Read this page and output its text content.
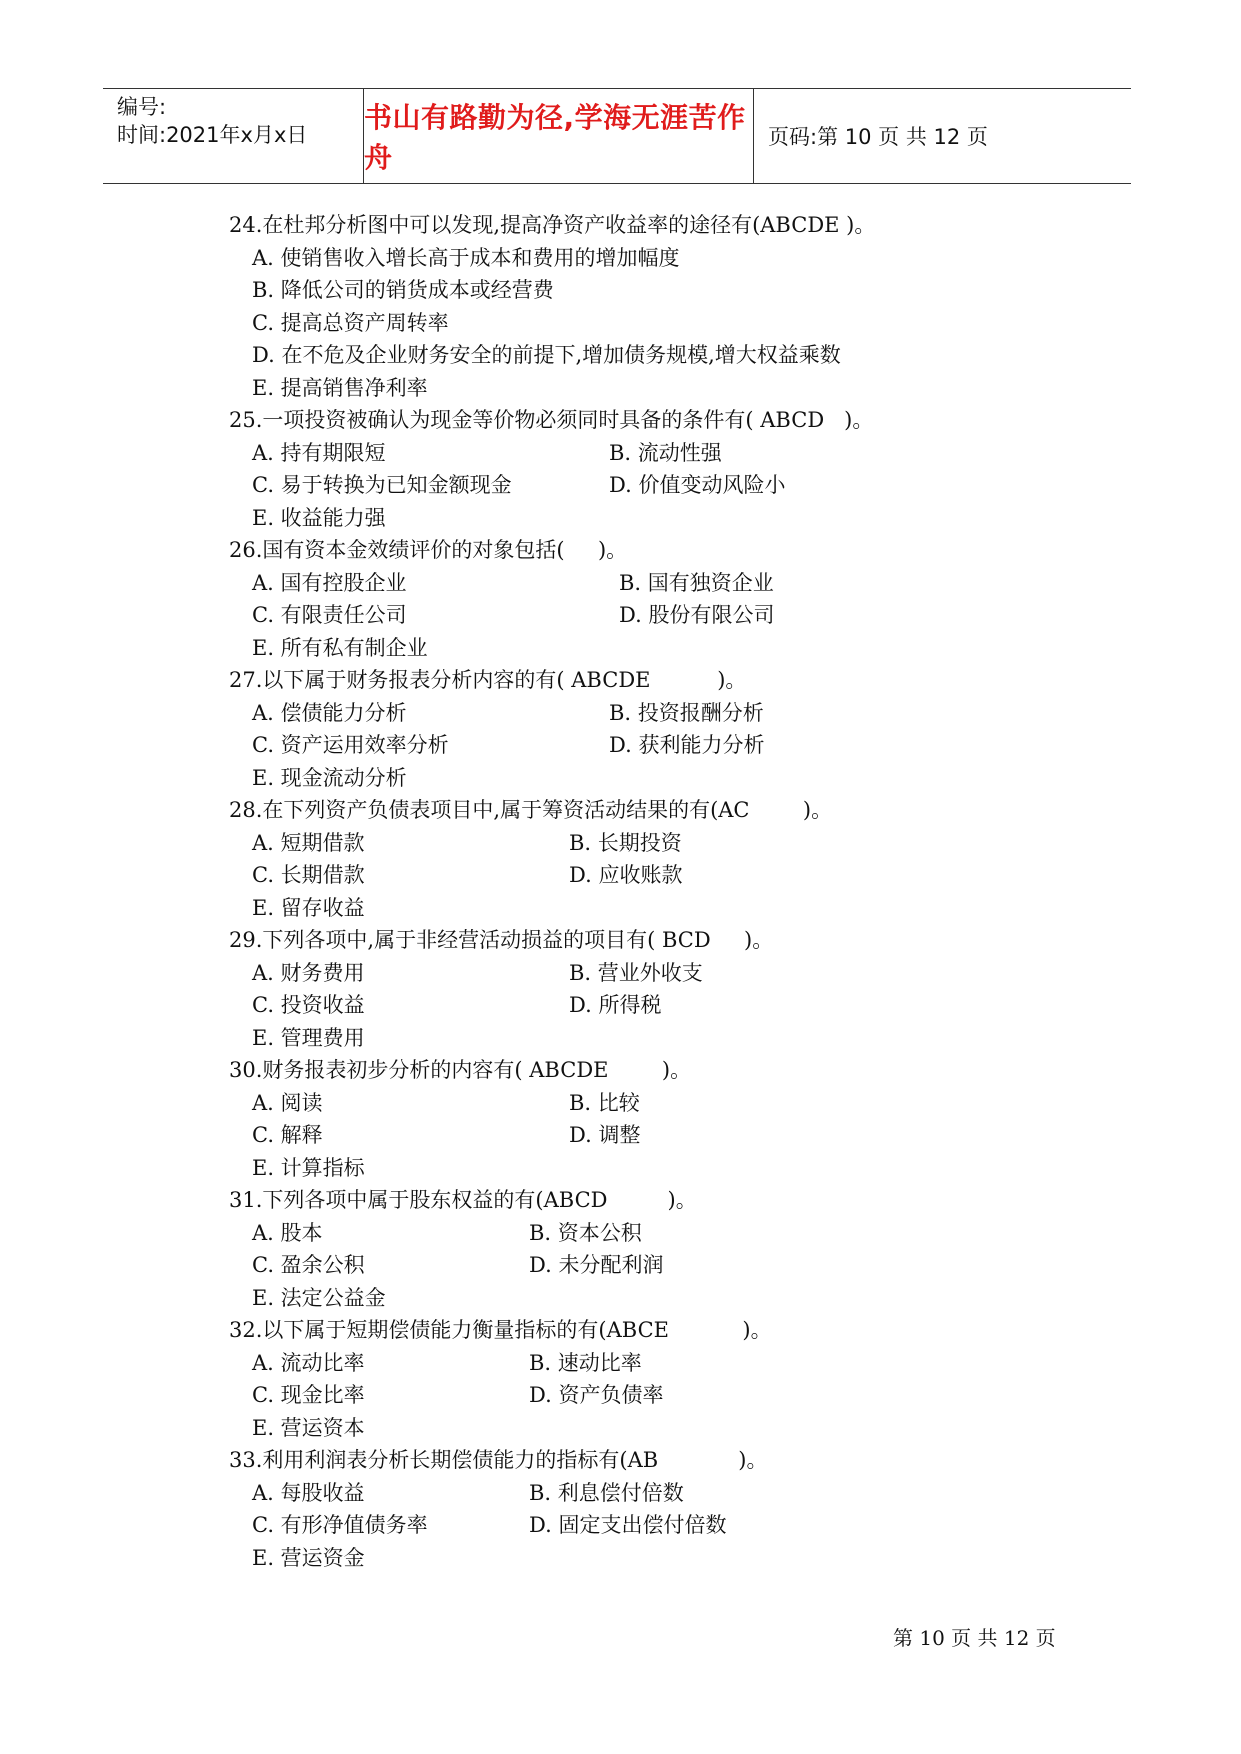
编号:
时间:2021年x月x日
书山有路勤为径,学海无涯苦作舟
页码:第 10 页 共 12 页
24.在杜邦分析图中可以发现,提高净资产收益率的途径有(ABCDE )。
A. 使销售收入增长高于成本和费用的增加幅度
B. 降低公司的销货成本或经营费
C. 提高总资产周转率
D. 在不危及企业财务安全的前提下,增加债务规模,增大权益乘数
E. 提高销售净利率
25.一项投资被确认为现金等价物必须同时具备的条件有( ABCD   )。
A. 持有期限短	B. 流动性强
C. 易于转换为已知金额现金	D. 价值变动风险小
E. 收益能力强
26.国有资本金效绩评价的对象包括(     )。
A. 国有控股企业	B. 国有独资企业
C. 有限责任公司	D. 股份有限公司
E. 所有私有制企业
27.以下属于财务报表分析内容的有( ABCDE          )。
A. 偿债能力分析	B. 投资报酬分析
C. 资产运用效率分析	D. 获利能力分析
E. 现金流动分析
28.在下列资产负债表项目中,属于筹资活动结果的有(AC        )。
A. 短期借款	B. 长期投资
C. 长期借款	D. 应收账款
E. 留存收益
29.下列各项中,属于非经营活动损益的项目有( BCD     )。
A. 财务费用	B. 营业外收支
C. 投资收益	D. 所得税
E. 管理费用
30.财务报表初步分析的内容有( ABCDE        )。
A. 阅读	B. 比较
C. 解释	D. 调整
E. 计算指标
31.下列各项中属于股东权益的有(ABCD         )。
A. 股本	B. 资本公积
C. 盈余公积	D. 未分配利润
E. 法定公益金
32.以下属于短期偿债能力衡量指标的有(ABCE           )。
A. 流动比率	B. 速动比率
C. 现金比率	D. 资产负债率
E. 营运资本
33.利用利润表分析长期偿债能力的指标有(AB            )。
A. 每股收益	B. 利息偿付倍数
C. 有形净值债务率	D. 固定支出偿付倍数
E. 营运资金
第 10 页 共 12 页
